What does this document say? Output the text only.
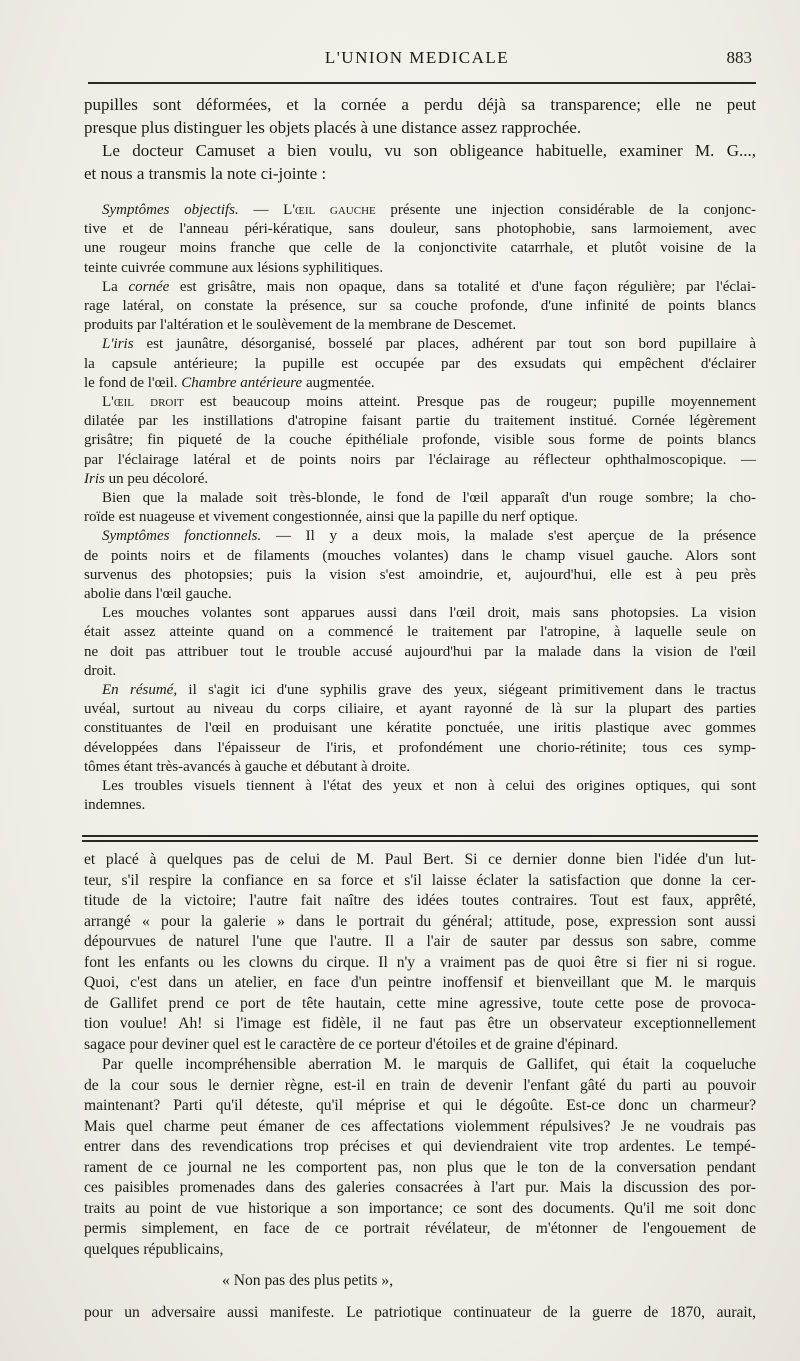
L'UNION MEDICALE	883

pupilles sont déformées, et la cornée a perdu déjà sa transparence; elle ne peut

presque plus distinguer les objets placés à une distance assez rapprochée.

Le docteur Camuset a bien voulu, vu son obligeance habituelle, examiner M. G...,

et nous a transmis la note ci-jointe :

Symptômes objectifs. — L'œil gauche présente une injection considérable de la conjonc-

tive et de l'anneau péri-kératique, sans douleur, sans photophobie, sans larmoiement, avec

une rougeur moins franche que celle de la conjonctivite catarrhale, et plutôt voisine de la

teinte cuivrée commune aux lésions syphilitiques.

La cornée est grisâtre, mais non opaque, dans sa totalité et d'une façon régulière; par l'éclai-

rage latéral, on constate la présence, sur sa couche profonde, d'une infinité de points blancs

produits par l'altération et le soulèvement de la membrane de Descemet.

L'iris est jaunâtre, désorganisé, bosselé par places, adhérent par tout son bord pupillaire à

la capsule antérieure; la pupille est occupée par des exsudats qui empêchent d'éclairer

le fond de l'œil. Chambre antérieure augmentée.

L'œil droit est beaucoup moins atteint. Presque pas de rougeur; pupille moyennement

dilatée par les instillations d'atropine faisant partie du traitement institué. Cornée légèrement

grisâtre; fin piqueté de la couche épithéliale profonde, visible sous forme de points blancs

par l'éclairage latéral et de points noirs par l'éclairage au réflecteur ophthalmoscopique. —

Iris un peu décoloré.

Bien que la malade soit très-blonde, le fond de l'œil apparaît d'un rouge sombre; la cho-

roïde est nuageuse et vivement congestionnée, ainsi que la papille du nerf optique.

Symptômes fonctionnels. — Il y a deux mois, la malade s'est aperçue de la présence

de points noirs et de filaments (mouches volantes) dans le champ visuel gauche. Alors sont

survenus des photopsies; puis la vision s'est amoindrie, et, aujourd'hui, elle est à peu près

abolie dans l'œil gauche.

Les mouches volantes sont apparues aussi dans l'œil droit, mais sans photopsies. La vision

était assez atteinte quand on a commencé le traitement par l'atropine, à laquelle seule on

ne doit pas attribuer tout le trouble accusé aujourd'hui par la malade dans la vision de l'œil

droit.

En résumé, il s'agit ici d'une syphilis grave des yeux, siégeant primitivement dans le tractus

uvéal, surtout au niveau du corps ciliaire, et ayant rayonné de là sur la plupart des parties

constituantes de l'œil en produisant une kératite ponctuée, une iritis plastique avec gommes

développées dans l'épaisseur de l'iris, et profondément une chorio-rétinite; tous ces symp-

tômes étant très-avancés à gauche et débutant à droite.

Les troubles visuels tiennent à l'état des yeux et non à celui des origines optiques, qui sont

indemnes.

et placé à quelques pas de celui de M. Paul Bert. Si ce dernier donne bien l'idée d'un lut-

teur, s'il respire la confiance en sa force et s'il laisse éclater la satisfaction que donne la cer-

titude de la victoire; l'autre fait naître des idées toutes contraires. Tout est faux, apprêté,

arrangé « pour la galerie » dans le portrait du général; attitude, pose, expression sont aussi

dépourvues de naturel l'une que l'autre. Il a l'air de sauter par dessus son sabre, comme

font les enfants ou les clowns du cirque. Il n'y a vraiment pas de quoi être si fier ni si rogue.

Quoi, c'est dans un atelier, en face d'un peintre inoffensif et bienveillant que M. le marquis

de Gallifet prend ce port de tête hautain, cette mine agressive, toute cette pose de provoca-

tion voulue! Ah! si l'image est fidèle, il ne faut pas être un observateur exceptionnellement

sagace pour deviner quel est le caractère de ce porteur d'étoiles et de graine d'épinard.

Par quelle incompréhensible aberration M. le marquis de Gallifet, qui était la coqueluche

de la cour sous le dernier règne, est-il en train de devenir l'enfant gâté du parti au pouvoir

maintenant? Parti qu'il déteste, qu'il méprise et qui le dégoûte. Est-ce donc un charmeur?

Mais quel charme peut émaner de ces affectations violemment répulsives? Je ne voudrais pas

entrer dans des revendications trop précises et qui deviendraient vite trop ardentes. Le tempé-

rament de ce journal ne les comportent pas, non plus que le ton de la conversation pendant

ces paisibles promenades dans des galeries consacrées à l'art pur. Mais la discussion des por-

traits au point de vue historique a son importance; ce sont des documents. Qu'il me soit donc

permis simplement, en face de ce portrait révélateur, de m'étonner de l'engouement de

quelques républicains,

« Non pas des plus petits »,

pour un adversaire aussi manifeste. Le patriotique continuateur de la guerre de 1870, aurait,
